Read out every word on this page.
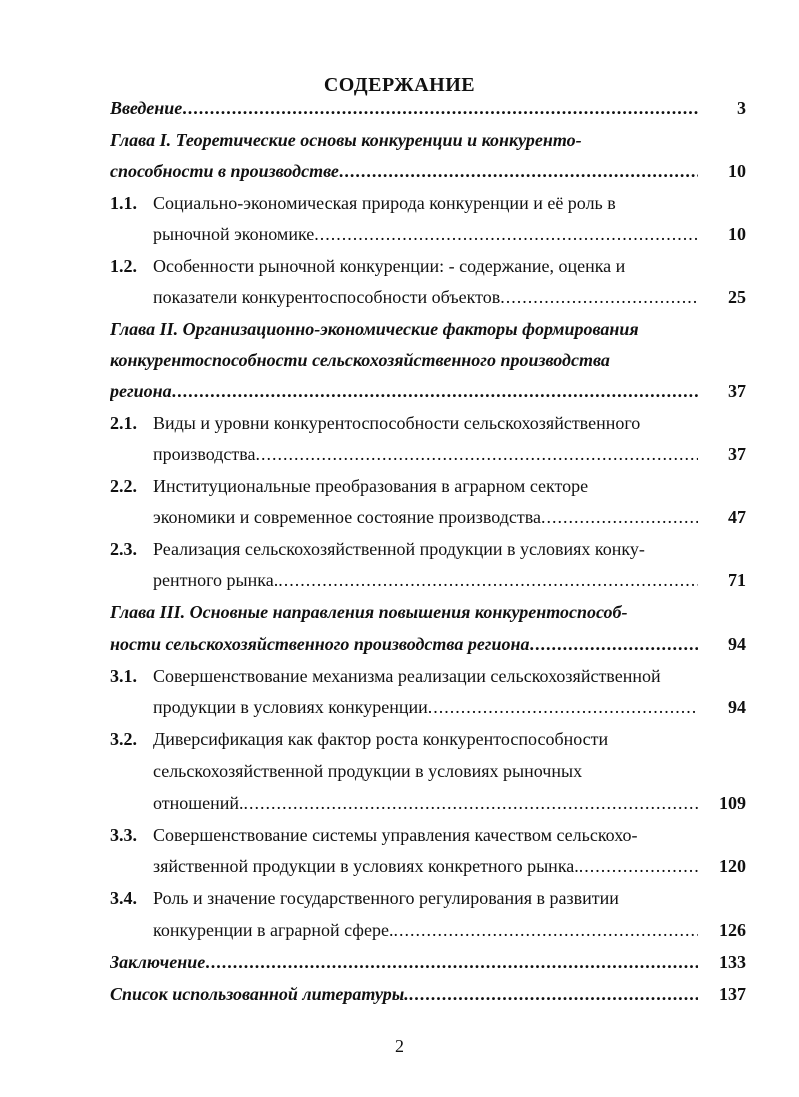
СОДЕРЖАНИЕ
Введение .....	3
Глава I. Теоретические основы конкуренции и конкуренто-
способности в производстве .....	10
1.1. Социально-экономическая природа конкуренции и её роль в
рыночной экономике .....	10
1.2. Особенности рыночной конкуренции: - содержание, оценка и
показатели конкурентоспособности объектов .....	25
Глава II. Организационно-экономические факторы формирования
конкурентоспособности сельскохозяйственного производства
региона .....	37
2.1. Виды и уровни конкурентоспособности сельскохозяйственного
производства .....	37
2.2. Институциональные преобразования в аграрном секторе
экономики и современное состояние производства .....	47
2.3. Реализация сельскохозяйственной продукции в условиях конку-
рентного рынка. .....	71
Глава III. Основные направления повышения конкурентоспособ-
ности сельскохозяйственного производства региона .....	94
3.1. Совершенствование механизма реализации сельскохозяйственной
продукции в условиях конкуренции .....	94
3.2. Диверсификация как фактор роста конкурентоспособности
сельскохозяйственной продукции в условиях рыночных
отношений. .....	109
3.3. Совершенствование системы управления качеством сельскохо-
зяйственной продукции в условиях конкретного рынка. .....	120
3.4. Роль и значение государственного регулирования в развитии
конкуренции в аграрной сфере. .....	126
Заключение .....	133
Список использованной литературы. .....	137
2
